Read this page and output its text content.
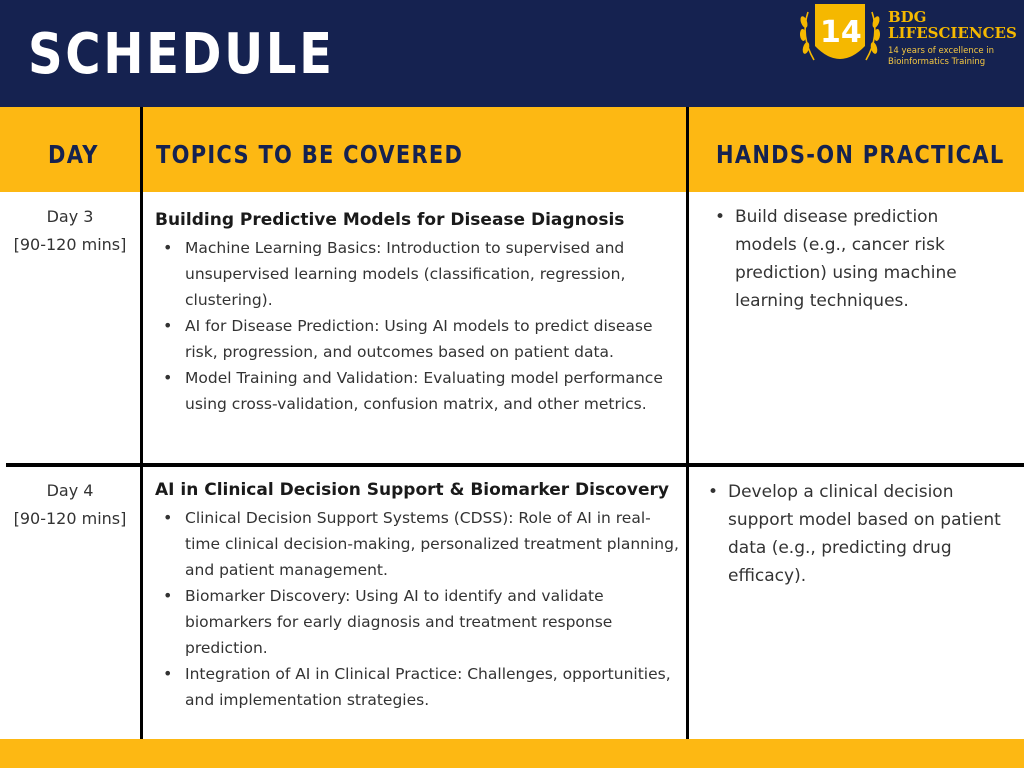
SCHEDULE	14 BDG
LIFESCIENCES
14 years of excellence in
Bioinformatics Training
DAY TOPICS TO BE COVERED	HANDS-ON PRACTICAL
Day 3
[90-120 mins]
Building Predictive Models for Disease Diagnosis
• Machine Learning Basics: Introduction to supervised and unsupervised learning models (classification, regression, clustering).
• AI for Disease Prediction: Using AI models to predict disease risk, progression, and outcomes based on patient data.
• Model Training and Validation: Evaluating model performance using cross-validation, confusion matrix, and other metrics.
• Build disease prediction models (e.g., cancer risk prediction) using machine learning techniques.
Day 4
[90-120 mins]
AI in Clinical Decision Support & Biomarker Discovery
• Clinical Decision Support Systems (CDSS): Role of AI in real-time clinical decision-making, personalized treatment planning, and patient management.
• Biomarker Discovery: Using AI to identify and validate biomarkers for early diagnosis and treatment response prediction.
• Integration of AI in Clinical Practice: Challenges, opportunities, and implementation strategies.
• Develop a clinical decision support model based on patient data (e.g., predicting drug efficacy).
